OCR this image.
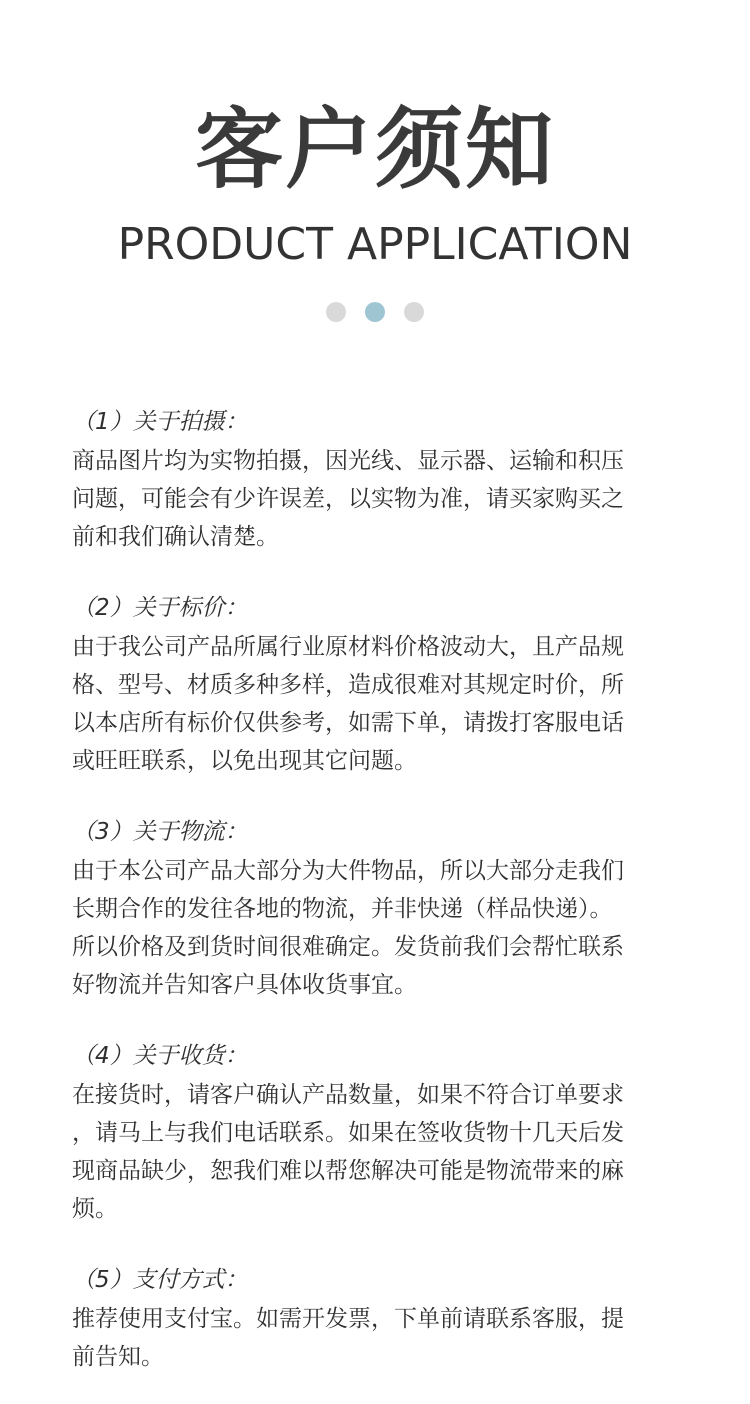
客户须知
PRODUCT APPLICATION
（1）关于拍摄：
商品图片均为实物拍摄，因光线、显示器、运输和积压
问题，可能会有少许误差，以实物为准，请买家购买之
前和我们确认清楚。
（2）关于标价：
由于我公司产品所属行业原材料价格波动大，且产品规
格、型号、材质多种多样，造成很难对其规定时价，所
以本店所有标价仅供参考，如需下单，请拨打客服电话
或旺旺联系，以免出现其它问题。
（3）关于物流：
由于本公司产品大部分为大件物品，所以大部分走我们
长期合作的发往各地的物流，并非快递（样品快递）。
所以价格及到货时间很难确定。发货前我们会帮忙联系
好物流并告知客户具体收货事宜。
（4）关于收货：
在接货时，请客户确认产品数量，如果不符合订单要求
，请马上与我们电话联系。如果在签收货物十几天后发
现商品缺少，恕我们难以帮您解决可能是物流带来的麻
烦。
（5）支付方式：
推荐使用支付宝。如需开发票，下单前请联系客服，提
前告知。
